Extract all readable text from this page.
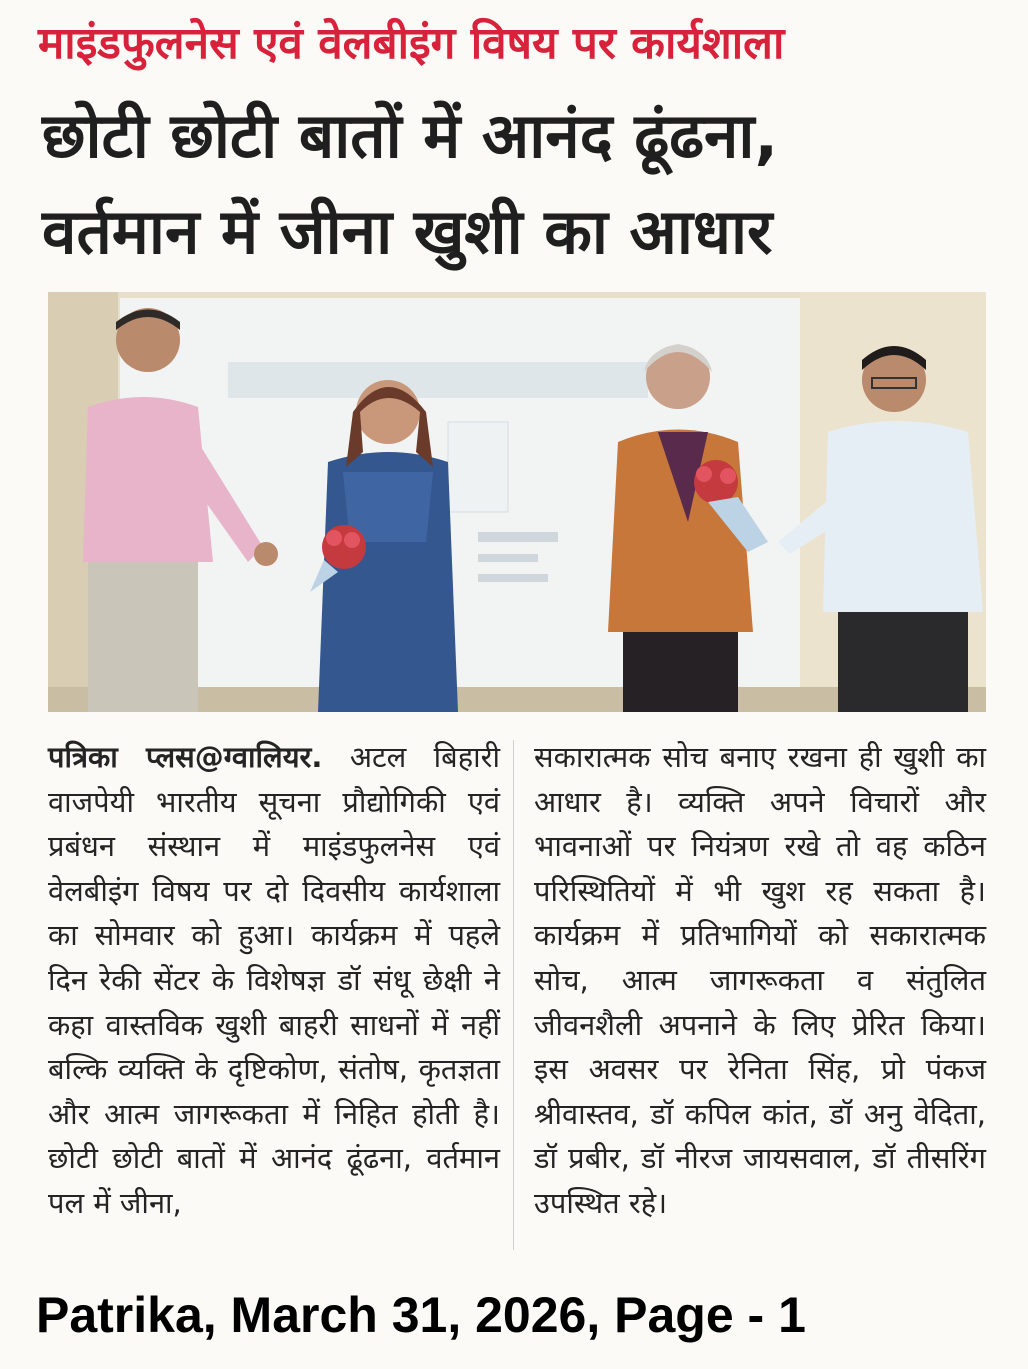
माइंडफुलनेस एवं वेलबीइंग विषय पर कार्यशाला
छोटी छोटी बातों में आनंद ढूंढना,
वर्तमान में जीना खुशी का आधार

पत्रिका प्लस@ग्वालियर. अटल बिहारी वाजपेयी भारतीय सूचना प्रौद्योगिकी एवं प्रबंधन संस्थान में माइंडफुलनेस एवं वेलबीइंग विषय पर दो दिवसीय कार्यशाला का सोमवार को हुआ। कार्यक्रम में पहले दिन रेकी सेंटर के विशेषज्ञ डॉ संधू छेक्षी ने कहा वास्तविक खुशी बाहरी साधनों में नहीं बल्कि व्यक्ति के दृष्टिकोण, संतोष, कृतज्ञता और आत्म जागरूकता में निहित होती है। छोटी छोटी बातों में आनंद ढूंढना, वर्तमान पल में जीना,

सकारात्मक सोच बनाए रखना ही खुशी का आधार है। व्यक्ति अपने विचारों और भावनाओं पर नियंत्रण रखे तो वह कठिन परिस्थितियों में भी खुश रह सकता है। कार्यक्रम में प्रतिभागियों को सकारात्मक सोच, आत्म जागरूकता व संतुलित जीवनशैली अपनाने के लिए प्रेरित किया। इस अवसर पर रेनिता सिंह, प्रो पंकज श्रीवास्तव, डॉ कपिल कांत, डॉ अनु वेदिता, डॉ प्रबीर, डॉ नीरज जायसवाल, डॉ तीसरिंग उपस्थित रहे।

Patrika, March 31, 2026, Page - 1
